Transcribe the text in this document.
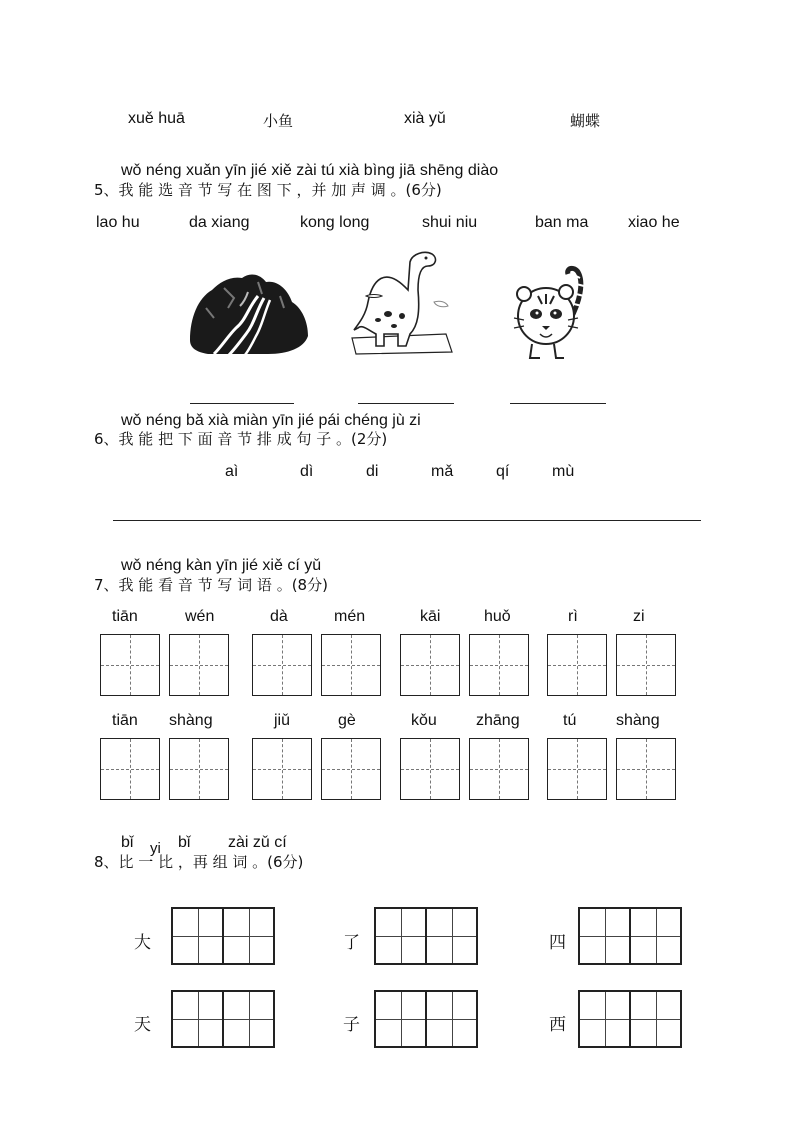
xuě huā	小鱼	xià yǔ	蝴蝶
wǒ néng xuǎn yīn jié xiě zài tú xià bìng jiā shēng diào
5、我 能 选 音 节 写 在 图 下 ，并 加 声 调 。(6分)
lao hu	da xiang	kong long	shui niu	ban ma xiao he
wǒ néng bǎ xià miàn yīn jié pái chéng jù zi
6、我 能 把 下 面 音 节 排 成 句 子 。(2分)
aì	dì	di	mǎ	qí	mù
wǒ néng kàn yīn jié xiě cí yǔ
7、我 能 看 音 节 写 词 语 。(8分)
tiān	wén	dà	mén	kāi	huǒ	rì	zi
tiān shàng	jiǔ	gè	kǒu zhāng	tú shàng
bǐ yi bǐ zài zǔ cí
8、比 一 比 ，再 组 词 。(6分)
大	了	四
天	子	西
